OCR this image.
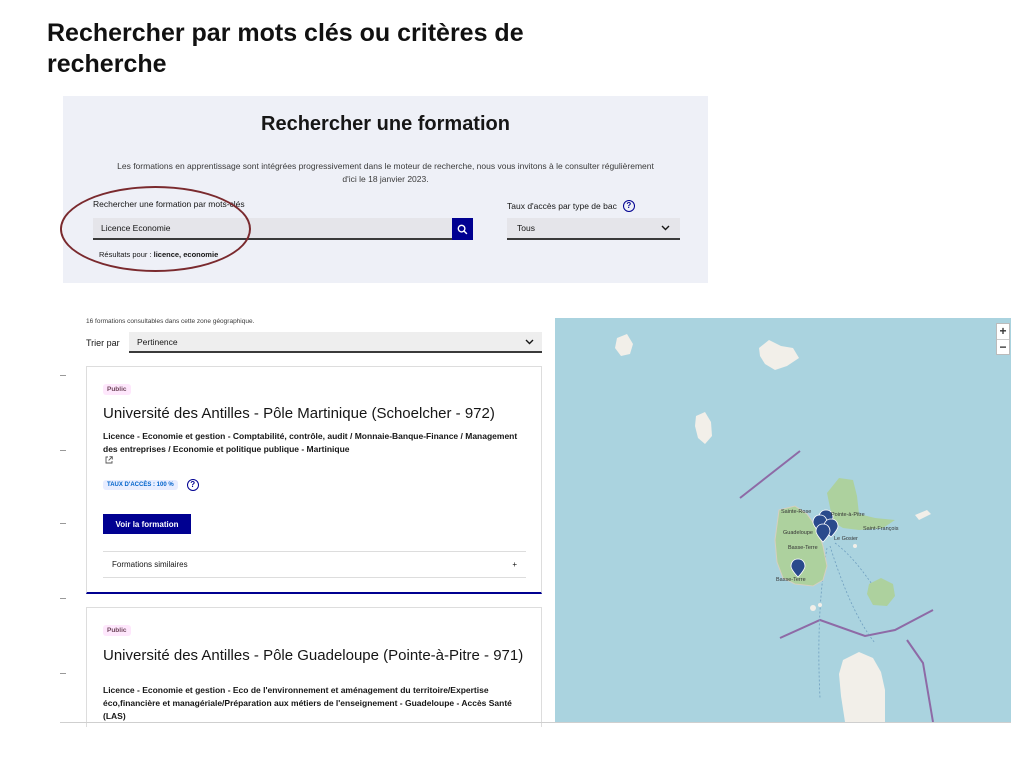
Rechercher par mots clés ou critères de recherche
Rechercher une formation
Les formations en apprentissage sont intégrées progressivement dans le moteur de recherche, nous vous invitons à le consulter régulièrement d'ici le 18 janvier 2023.
Rechercher une formation par mots-clés
Licence Economie
Résultats pour : licence, economie
Taux d'accès par type de bac	?
Tous
16 formations consultables dans cette zone géographique.
Trier par Pertinence
Public
Université des Antilles - Pôle Martinique (Schoelcher - 972)
Licence - Economie et gestion - Comptabilité, contrôle, audit / Monnaie-Banque-Finance / Management des entreprises / Economie et politique publique - Martinique
TAUX D'ACCÈS : 100 %	?
Voir la formation
Formations similaires	+
Public
Université des Antilles - Pôle Guadeloupe (Pointe-à-Pitre - 971)
Licence - Economie et gestion - Eco de l'environnement et aménagement du territoire/Expertise éco,financière et managériale/Préparation aux métiers de l'enseignement - Guadeloupe - Accès Santé (LAS)
Sainte-Rose	Pointe-à-Pitre
Le Gosier
Guadeloupe
Saint-François
Basse-Terre
Basse-Terre
+
−
